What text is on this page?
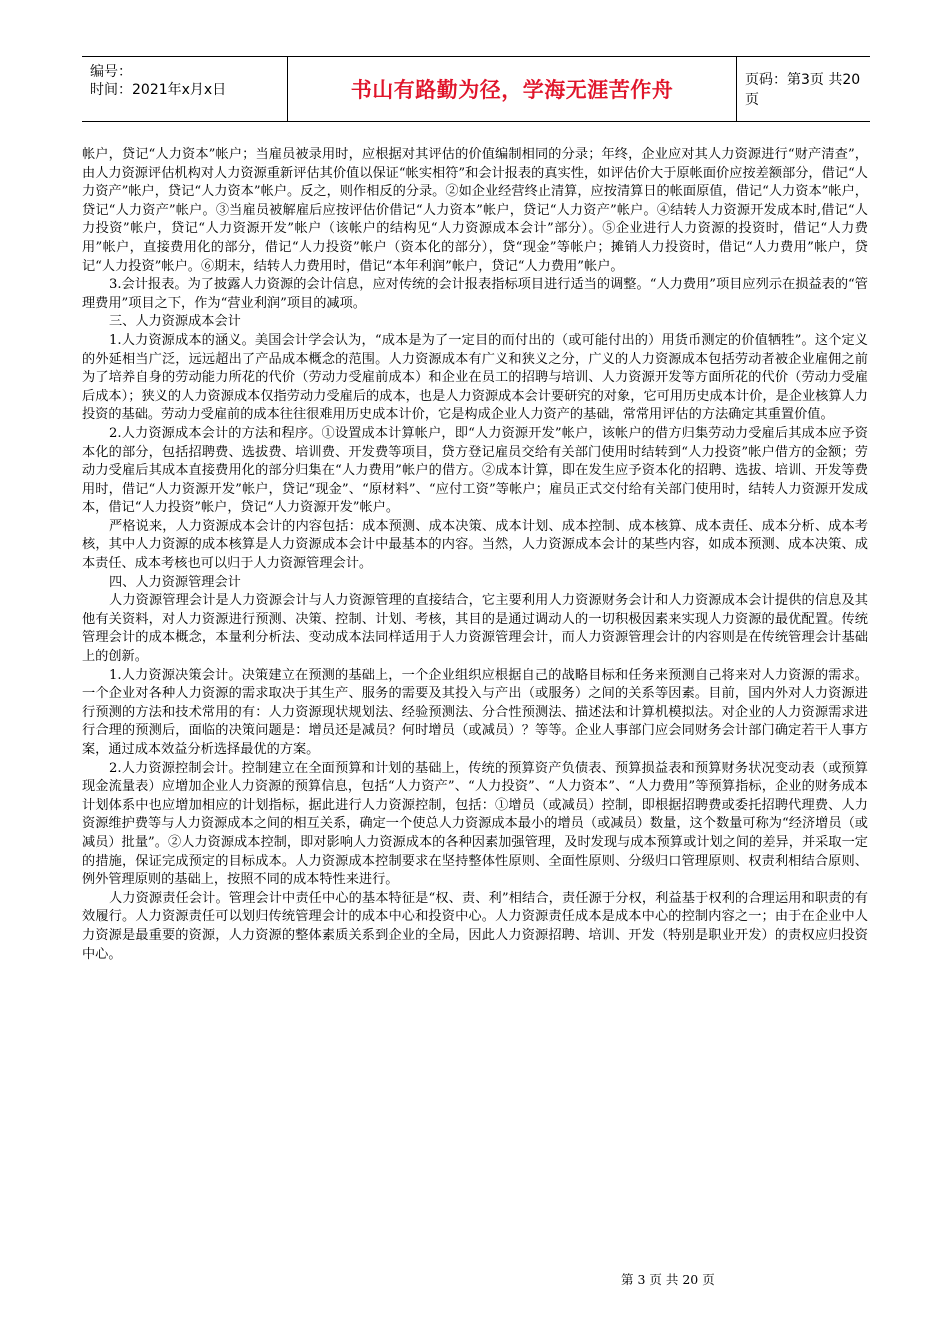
编号：
时间：2021年x月x日	书山有路勤为径，学海无涯苦作舟	页码：第3页 共20页

帐户，贷记“人力资本”帐户；当雇员被录用时，应根据对其评估的价值编制相同的分录；年终，企业应对其人力资源进行“财产清查”，由人力资源评估机构对人力资源重新评估其价值以保证“帐实相符”和会计报表的真实性，如评估价大于原帐面价应按差额部分，借记“人力资产”帐户，贷记“人力资本”帐户。反之，则作相反的分录。②如企业经营终止清算，应按清算日的帐面原值，借记“人力资本”帐户，贷记“人力资产”帐户。③当雇员被解雇后应按评估价借记“人力资本”帐户，贷记“人力资产”帐户。④结转人力资源开发成本时,借记“人力投资”帐户，贷记“人力资源开发”帐户（该帐户的结构见“人力资源成本会计”部分）。⑤企业进行人力资源的投资时，借记“人力费用”帐户，直接费用化的部分，借记“人力投资”帐户（资本化的部分），贷“现金”等帐户；摊销人力投资时，借记“人力费用”帐户，贷记“人力投资”帐户。⑥期末，结转人力费用时，借记“本年利润”帐户，贷记“人力费用”帐户。

3.会计报表。为了披露人力资源的会计信息，应对传统的会计报表指标项目进行适当的调整。“人力费用”项目应列示在损益表的“管理费用”项目之下，作为“营业利润”项目的减项。

三、人力资源成本会计

1.人力资源成本的涵义。美国会计学会认为，“成本是为了一定目的而付出的（或可能付出的）用货币测定的价值牺牲”。这个定义的外延相当广泛，远远超出了产品成本概念的范围。人力资源成本有广义和狭义之分，广义的人力资源成本包括劳动者被企业雇佣之前为了培养自身的劳动能力所花的代价（劳动力受雇前成本）和企业在员工的招聘与培训、人力资源开发等方面所花的代价（劳动力受雇后成本）；狭义的人力资源成本仅指劳动力受雇后的成本，也是人力资源成本会计要研究的对象，它可用历史成本计价，是企业核算人力投资的基础。劳动力受雇前的成本往往很难用历史成本计价，它是构成企业人力资产的基础，常常用评估的方法确定其重置价值。

2.人力资源成本会计的方法和程序。①设置成本计算帐户，即“人力资源开发”帐户，该帐户的借方归集劳动力受雇后其成本应予资本化的部分，包括招聘费、选拔费、培训费、开发费等项目，贷方登记雇员交给有关部门使用时结转到“人力投资”帐户借方的金额；劳动力受雇后其成本直接费用化的部分归集在“人力费用”帐户的借方。②成本计算，即在发生应予资本化的招聘、选拔、培训、开发等费用时，借记“人力资源开发”帐户，贷记“现金”、“原材料”、“应付工资”等帐户；雇员正式交付给有关部门使用时，结转人力资源开发成本，借记“人力投资”帐户，贷记“人力资源开发”帐户。

严格说来，人力资源成本会计的内容包括：成本预测、成本决策、成本计划、成本控制、成本核算、成本责任、成本分析、成本考核，其中人力资源的成本核算是人力资源成本会计中最基本的内容。当然，人力资源成本会计的某些内容，如成本预测、成本决策、成本责任、成本考核也可以归于人力资源管理会计。

四、人力资源管理会计

人力资源管理会计是人力资源会计与人力资源管理的直接结合，它主要利用人力资源财务会计和人力资源成本会计提供的信息及其他有关资料，对人力资源进行预测、决策、控制、计划、考核，其目的是通过调动人的一切积极因素来实现人力资源的最优配置。传统管理会计的成本概念，本量利分析法、变动成本法同样适用于人力资源管理会计，而人力资源管理会计的内容则是在传统管理会计基础上的创新。

1.人力资源决策会计。决策建立在预测的基础上，一个企业组织应根据自己的战略目标和任务来预测自己将来对人力资源的需求。一个企业对各种人力资源的需求取决于其生产、服务的需要及其投入与产出（或服务）之间的关系等因素。目前，国内外对人力资源进行预测的方法和技术常用的有：人力资源现状规划法、经验预测法、分合性预测法、描述法和计算机模拟法。对企业的人力资源需求进行合理的预测后，面临的决策问题是：增员还是减员？何时增员（或减员）？等等。企业人事部门应会同财务会计部门确定若干人事方案，通过成本效益分析选择最优的方案。

2.人力资源控制会计。控制建立在全面预算和计划的基础上，传统的预算资产负债表、预算损益表和预算财务状况变动表（或预算现金流量表）应增加企业人力资源的预算信息，包括“人力资产”、“人力投资”、“人力资本”、“人力费用”等预算指标，企业的财务成本计划体系中也应增加相应的计划指标，据此进行人力资源控制，包括：①增员（或减员）控制，即根据招聘费或委托招聘代理费、人力资源维护费等与人力资源成本之间的相互关系，确定一个使总人力资源成本最小的增员（或减员）数量，这个数量可称为“经济增员（或减员）批量”。②人力资源成本控制，即对影响人力资源成本的各种因素加强管理，及时发现与成本预算或计划之间的差异，并采取一定的措施，保证完成预定的目标成本。人力资源成本控制要求在坚持整体性原则、全面性原则、分级归口管理原则、权责利相结合原则、例外管理原则的基础上，按照不同的成本特性来进行。

人力资源责任会计。管理会计中责任中心的基本特征是“权、责、利”相结合，责任源于分权，利益基于权利的合理运用和职责的有效履行。人力资源责任可以划归传统管理会计的成本中心和投资中心。人力资源责任成本是成本中心的控制内容之一；由于在企业中人力资源是最重要的资源，人力资源的整体素质关系到企业的全局，因此人力资源招聘、培训、开发（特别是职业开发）的责权应归投资中心。

第 3 页 共 20 页
